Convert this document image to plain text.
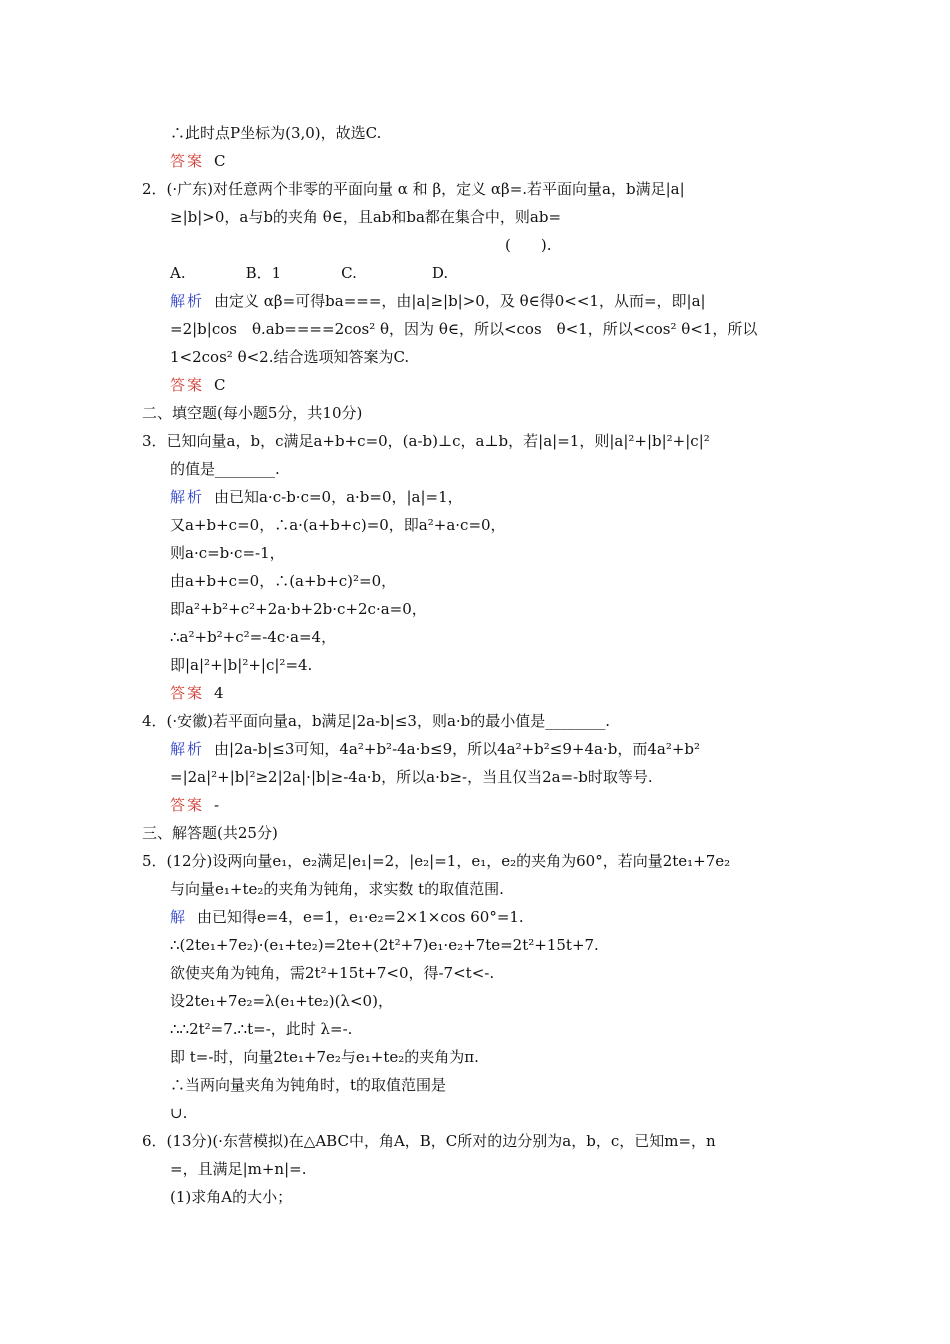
∴此时点P坐标为(3,0)，故选C.
答案 C
2．(·广东)对任意两个非零的平面向量 α 和 β，定义 αβ=.若平面向量a，b满足|a|
≥|b|>0，a与b的夹角 θ∈，且ab和ba都在集合中，则ab=
(　　).
A.　　　　B．1　　　　C.　　　　　D.
解析 由定义 αβ=可得ba===，由|a|≥|b|>0，及 θ∈得0<<1，从而=，即|a|
=2|b|cos　θ.ab====2cos² θ，因为 θ∈，所以<cos　θ<1，所以<cos² θ<1，所以
1<2cos² θ<2.结合选项知答案为C.
答案 C
二、填空题(每小题5分，共10分)
3．已知向量a，b，c满足a+b+c=0，(a-b)⊥c，a⊥b，若|a|=1，则|a|²+|b|²+|c|²
的值是________.
解析 由已知a·c-b·c=0，a·b=0，|a|=1，
又a+b+c=0，∴a·(a+b+c)=0，即a²+a·c=0，
则a·c=b·c=-1，
由a+b+c=0，∴(a+b+c)²=0，
即a²+b²+c²+2a·b+2b·c+2c·a=0，
∴a²+b²+c²=-4c·a=4，
即|a|²+|b|²+|c|²=4.
答案 4
4．(·安徽)若平面向量a，b满足|2a-b|≤3，则a·b的最小值是________.
解析 由|2a-b|≤3可知，4a²+b²-4a·b≤9，所以4a²+b²≤9+4a·b，而4a²+b²
=|2a|²+|b|²≥2|2a|·|b|≥-4a·b，所以a·b≥-，当且仅当2a=-b时取等号.
答案 -
三、解答题(共25分)
5．(12分)设两向量e₁，e₂满足|e₁|=2，|e₂|=1，e₁，e₂的夹角为60°，若向量2te₁+7e₂
与向量e₁+te₂的夹角为钝角，求实数 t的取值范围.
解 由已知得e=4，e=1，e₁·e₂=2×1×cos 60°=1.
∴(2te₁+7e₂)·(e₁+te₂)=2te+(2t²+7)e₁·e₂+7te=2t²+15t+7.
欲使夹角为钝角，需2t²+15t+7<0，得-7<t<-.
设2te₁+7e₂=λ(e₁+te₂)(λ<0)，
∴∴2t²=7.∴t=-，此时 λ=-.
即 t=-时，向量2te₁+7e₂与e₁+te₂的夹角为π.
∴当两向量夹角为钝角时，t的取值范围是
∪.
6．(13分)(·东营模拟)在△ABC中，角A，B，C所对的边分别为a，b，c，已知m=，n
=，且满足|m+n|=.
(1)求角A的大小；
